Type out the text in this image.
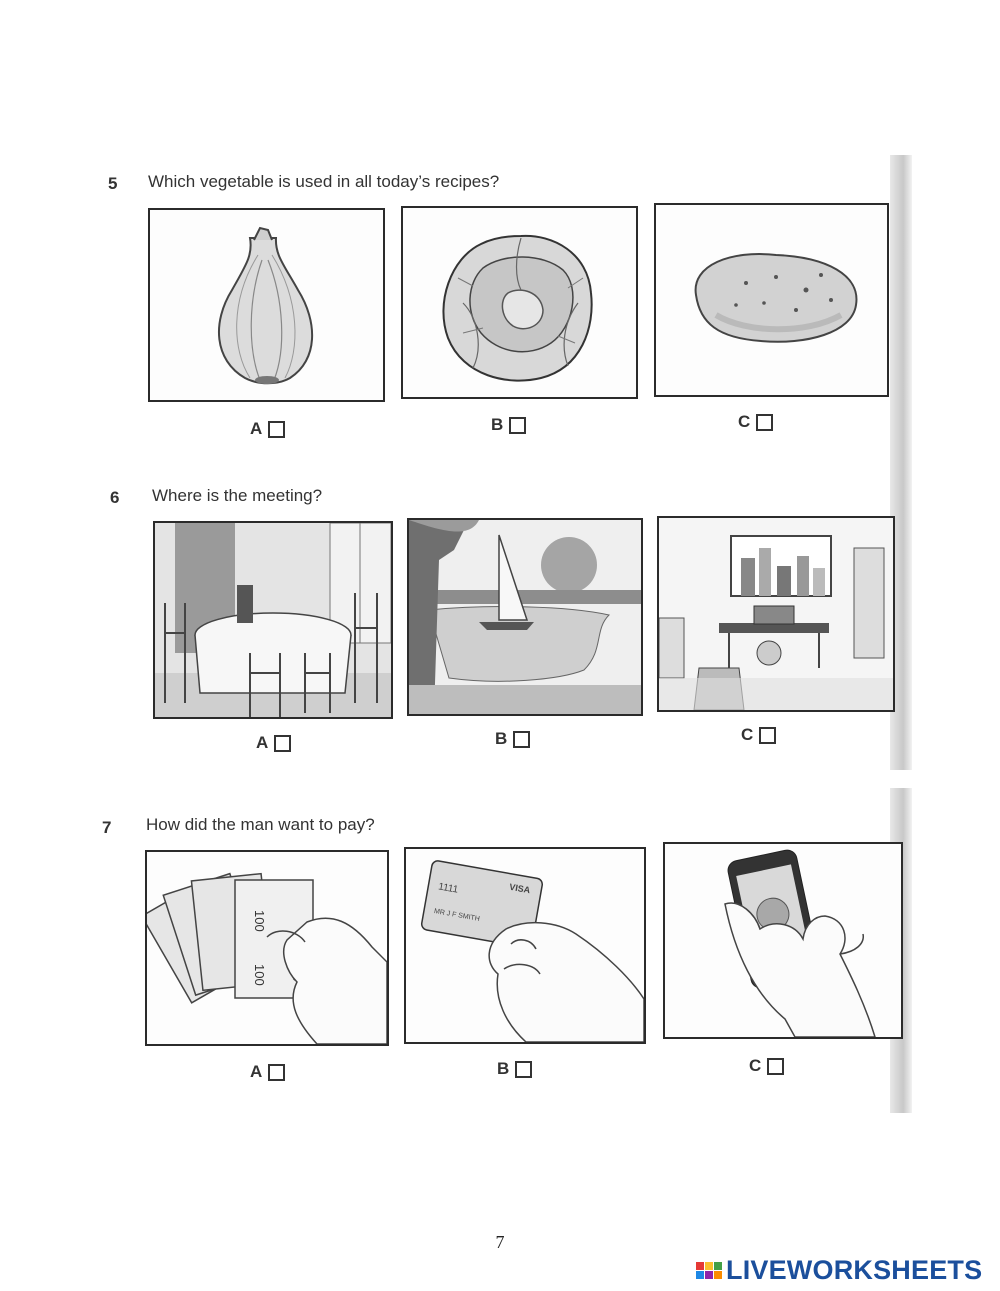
5 Which vegetable is used in all today’s recipes?
A	B	C
6 Where is the meeting?
A	B	C
7 How did the man want to pay?
100
100
1111	VISA
MR J F SMITH
A	B	C
7
LIVEWORKSHEETS
